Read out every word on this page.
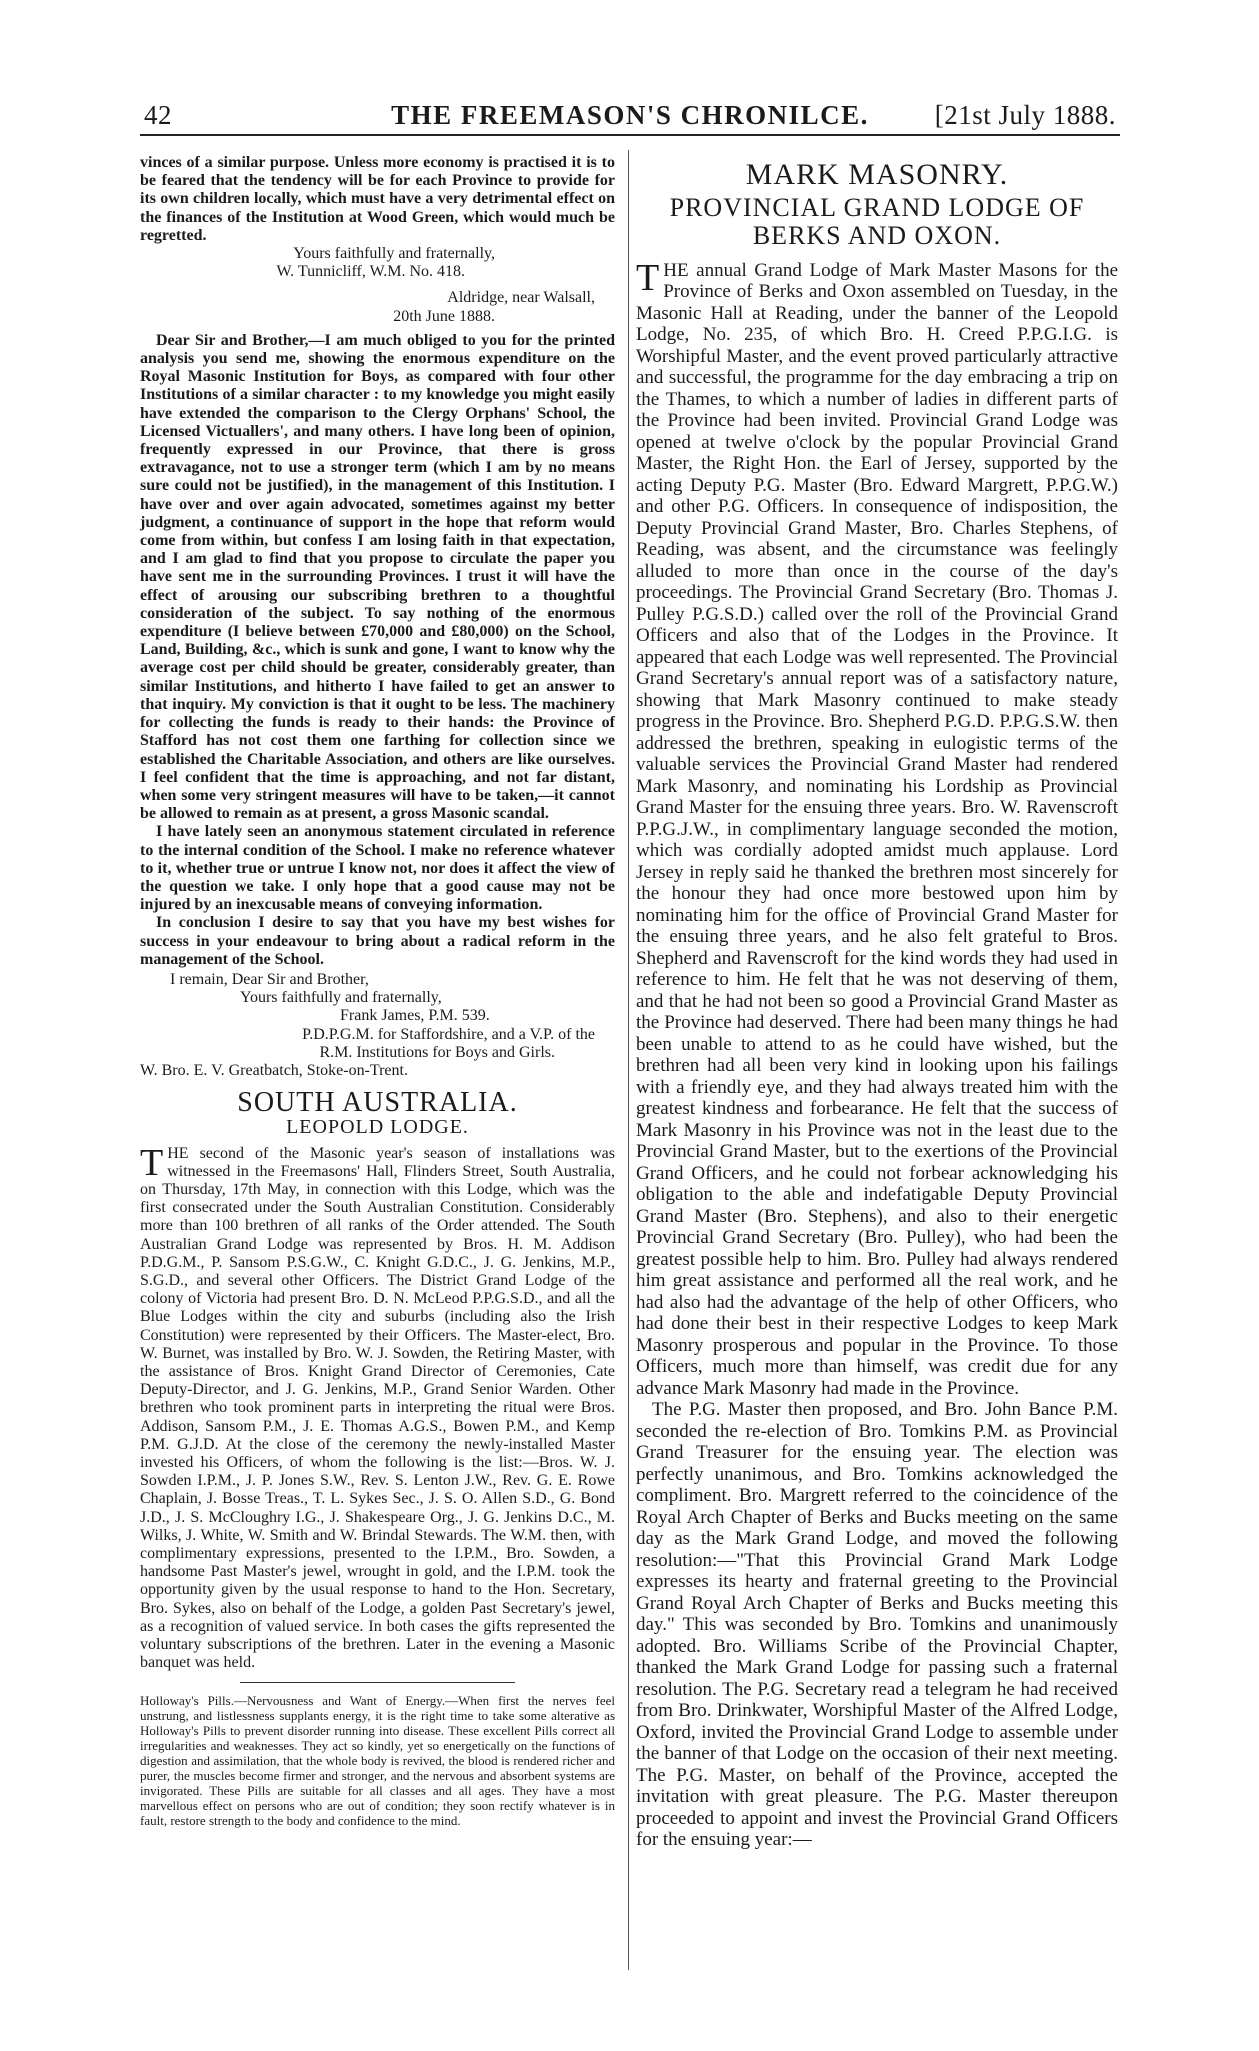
42	THE FREEMASON'S CHRONILCE.	[21st July 1888.

vinces of a similar purpose. Unless more economy is practised it is to be feared that the tendency will be for each Province to provide for its own children locally, which must have a very detrimental effect on the finances of the Institution at Wood Green, which would much be regretted.

Yours faithfully and fraternally,
W. Tunnicliff, W.M. No. 418.
Aldridge, near Walsall,
20th June 1888.

Dear Sir and Brother,—I am much obliged to you for the printed analysis you send me, showing the enormous expenditure on the Royal Masonic Institution for Boys, as compared with four other Institutions of a similar character : to my knowledge you might easily have extended the comparison to the Clergy Orphans' School, the Licensed Victuallers', and many others. I have long been of opinion, frequently expressed in our Province, that there is gross extravagance, not to use a stronger term (which I am by no means sure could not be justified), in the management of this Institution. I have over and over again advocated, sometimes against my better judgment, a continuance of support in the hope that reform would come from within, but confess I am losing faith in that expectation, and I am glad to find that you propose to circulate the paper you have sent me in the surrounding Provinces. I trust it will have the effect of arousing our subscribing brethren to a thoughtful consideration of the subject. To say nothing of the enormous expenditure (I believe between £70,000 and £80,000) on the School, Land, Building, &c., which is sunk and gone, I want to know why the average cost per child should be greater, considerably greater, than similar Institutions, and hitherto I have failed to get an answer to that inquiry. My conviction is that it ought to be less. The machinery for collecting the funds is ready to their hands: the Province of Stafford has not cost them one farthing for collection since we established the Charitable Association, and others are like ourselves. I feel confident that the time is approaching, and not far distant, when some very stringent measures will have to be taken,—it cannot be allowed to remain as at present, a gross Masonic scandal.

I have lately seen an anonymous statement circulated in reference to the internal condition of the School. I make no reference whatever to it, whether true or untrue I know not, nor does it affect the view of the question we take. I only hope that a good cause may not be injured by an inexcusable means of conveying information.

In conclusion I desire to say that you have my best wishes for success in your endeavour to bring about a radical reform in the management of the School.

I remain, Dear Sir and Brother,
Yours faithfully and fraternally,
Frank James, P.M. 539.
P.D.P.G.M. for Staffordshire, and a V.P. of the
R.M. Institutions for Boys and Girls.
W. Bro. E. V. Greatbatch, Stoke-on-Trent.
SOUTH AUSTRALIA.
LEOPOLD LODGE.

THE second of the Masonic year's season of installations was witnessed in the Freemasons' Hall, Flinders Street, South Australia, on Thursday, 17th May, in connection with this Lodge, which was the first consecrated under the South Australian Constitution. Considerably more than 100 brethren of all ranks of the Order attended. The South Australian Grand Lodge was represented by Bros. H. M. Addison P.D.G.M., P. Sansom P.S.G.W., C. Knight G.D.C., J. G. Jenkins, M.P., S.G.D., and several other Officers. The District Grand Lodge of the colony of Victoria had present Bro. D. N. McLeod P.P.G.S.D., and all the Blue Lodges within the city and suburbs (including also the Irish Constitution) were represented by their Officers. The Master-elect, Bro. W. Burnet, was installed by Bro. W. J. Sowden, the Retiring Master, with the assistance of Bros. Knight Grand Director of Ceremonies, Cate Deputy-Director, and J. G. Jenkins, M.P., Grand Senior Warden. Other brethren who took prominent parts in interpreting the ritual were Bros. Addison, Sansom P.M., J. E. Thomas A.G.S., Bowen P.M., and Kemp P.M. G.J.D. At the close of the ceremony the newly-installed Master invested his Officers, of whom the following is the list:—Bros. W. J. Sowden I.P.M., J. P. Jones S.W., Rev. S. Lenton J.W., Rev. G. E. Rowe Chaplain, J. Bosse Treas., T. L. Sykes Sec., J. S. O. Allen S.D., G. Bond J.D., J. S. McCloughry I.G., J. Shakespeare Org., J. G. Jenkins D.C., M. Wilks, J. White, W. Smith and W. Brindal Stewards. The W.M. then, with complimentary expressions, presented to the I.P.M., Bro. Sowden, a handsome Past Master's jewel, wrought in gold, and the I.P.M. took the opportunity given by the usual response to hand to the Hon. Secretary, Bro. Sykes, also on behalf of the Lodge, a golden Past Secretary's jewel, as a recognition of valued service. In both cases the gifts represented the voluntary subscriptions of the brethren. Later in the evening a Masonic banquet was held.

Holloway's Pills.—Nervousness and Want of Energy.—When first the nerves feel unstrung, and listlessness supplants energy, it is the right time to take some alterative as Holloway's Pills to prevent disorder running into disease. These excellent Pills correct all irregularities and weaknesses. They act so kindly, yet so energetically on the functions of digestion and assimilation, that the whole body is revived, the blood is rendered richer and purer, the muscles become firmer and stronger, and the nervous and absorbent systems are invigorated. These Pills are suitable for all classes and all ages. They have a most marvellous effect on persons who are out of condition; they soon rectify whatever is in fault, restore strength to the body and confidence to the mind.
MARK MASONRY.
PROVINCIAL GRAND LODGE OF BERKS AND OXON.

THE annual Grand Lodge of Mark Master Masons for the Province of Berks and Oxon assembled on Tuesday, in the Masonic Hall at Reading, under the banner of the Leopold Lodge, No. 235, of which Bro. H. Creed P.P.G.I.G. is Worshipful Master, and the event proved particularly attractive and successful, the programme for the day embracing a trip on the Thames, to which a number of ladies in different parts of the Province had been invited. Provincial Grand Lodge was opened at twelve o'clock by the popular Provincial Grand Master, the Right Hon. the Earl of Jersey, supported by the acting Deputy P.G. Master (Bro. Edward Margrett, P.P.G.W.) and other P.G. Officers. In consequence of indisposition, the Deputy Provincial Grand Master, Bro. Charles Stephens, of Reading, was absent, and the circumstance was feelingly alluded to more than once in the course of the day's proceedings. The Provincial Grand Secretary (Bro. Thomas J. Pulley P.G.S.D.) called over the roll of the Provincial Grand Officers and also that of the Lodges in the Province. It appeared that each Lodge was well represented. The Provincial Grand Secretary's annual report was of a satisfactory nature, showing that Mark Masonry continued to make steady progress in the Province. Bro. Shepherd P.G.D. P.P.G.S.W. then addressed the brethren, speaking in eulogistic terms of the valuable services the Provincial Grand Master had rendered Mark Masonry, and nominating his Lordship as Provincial Grand Master for the ensuing three years. Bro. W. Ravenscroft P.P.G.J.W., in complimentary language seconded the motion, which was cordially adopted amidst much applause. Lord Jersey in reply said he thanked the brethren most sincerely for the honour they had once more bestowed upon him by nominating him for the office of Provincial Grand Master for the ensuing three years, and he also felt grateful to Bros. Shepherd and Ravenscroft for the kind words they had used in reference to him. He felt that he was not deserving of them, and that he had not been so good a Provincial Grand Master as the Province had deserved. There had been many things he had been unable to attend to as he could have wished, but the brethren had all been very kind in looking upon his failings with a friendly eye, and they had always treated him with the greatest kindness and forbearance. He felt that the success of Mark Masonry in his Province was not in the least due to the Provincial Grand Master, but to the exertions of the Provincial Grand Officers, and he could not forbear acknowledging his obligation to the able and indefatigable Deputy Provincial Grand Master (Bro. Stephens), and also to their energetic Provincial Grand Secretary (Bro. Pulley), who had been the greatest possible help to him. Bro. Pulley had always rendered him great assistance and performed all the real work, and he had also had the advantage of the help of other Officers, who had done their best in their respective Lodges to keep Mark Masonry prosperous and popular in the Province. To those Officers, much more than himself, was credit due for any advance Mark Masonry had made in the Province.

The P.G. Master then proposed, and Bro. John Bance P.M. seconded the re-election of Bro. Tomkins P.M. as Provincial Grand Treasurer for the ensuing year. The election was perfectly unanimous, and Bro. Tomkins acknowledged the compliment. Bro. Margrett referred to the coincidence of the Royal Arch Chapter of Berks and Bucks meeting on the same day as the Mark Grand Lodge, and moved the following resolution:—"That this Provincial Grand Mark Lodge expresses its hearty and fraternal greeting to the Provincial Grand Royal Arch Chapter of Berks and Bucks meeting this day." This was seconded by Bro. Tomkins and unanimously adopted. Bro. Williams Scribe of the Provincial Chapter, thanked the Mark Grand Lodge for passing such a fraternal resolution. The P.G. Secretary read a telegram he had received from Bro. Drinkwater, Worshipful Master of the Alfred Lodge, Oxford, invited the Provincial Grand Lodge to assemble under the banner of that Lodge on the occasion of their next meeting. The P.G. Master, on behalf of the Province, accepted the invitation with great pleasure. The P.G. Master thereupon proceeded to appoint and invest the Provincial Grand Officers for the ensuing year:—
